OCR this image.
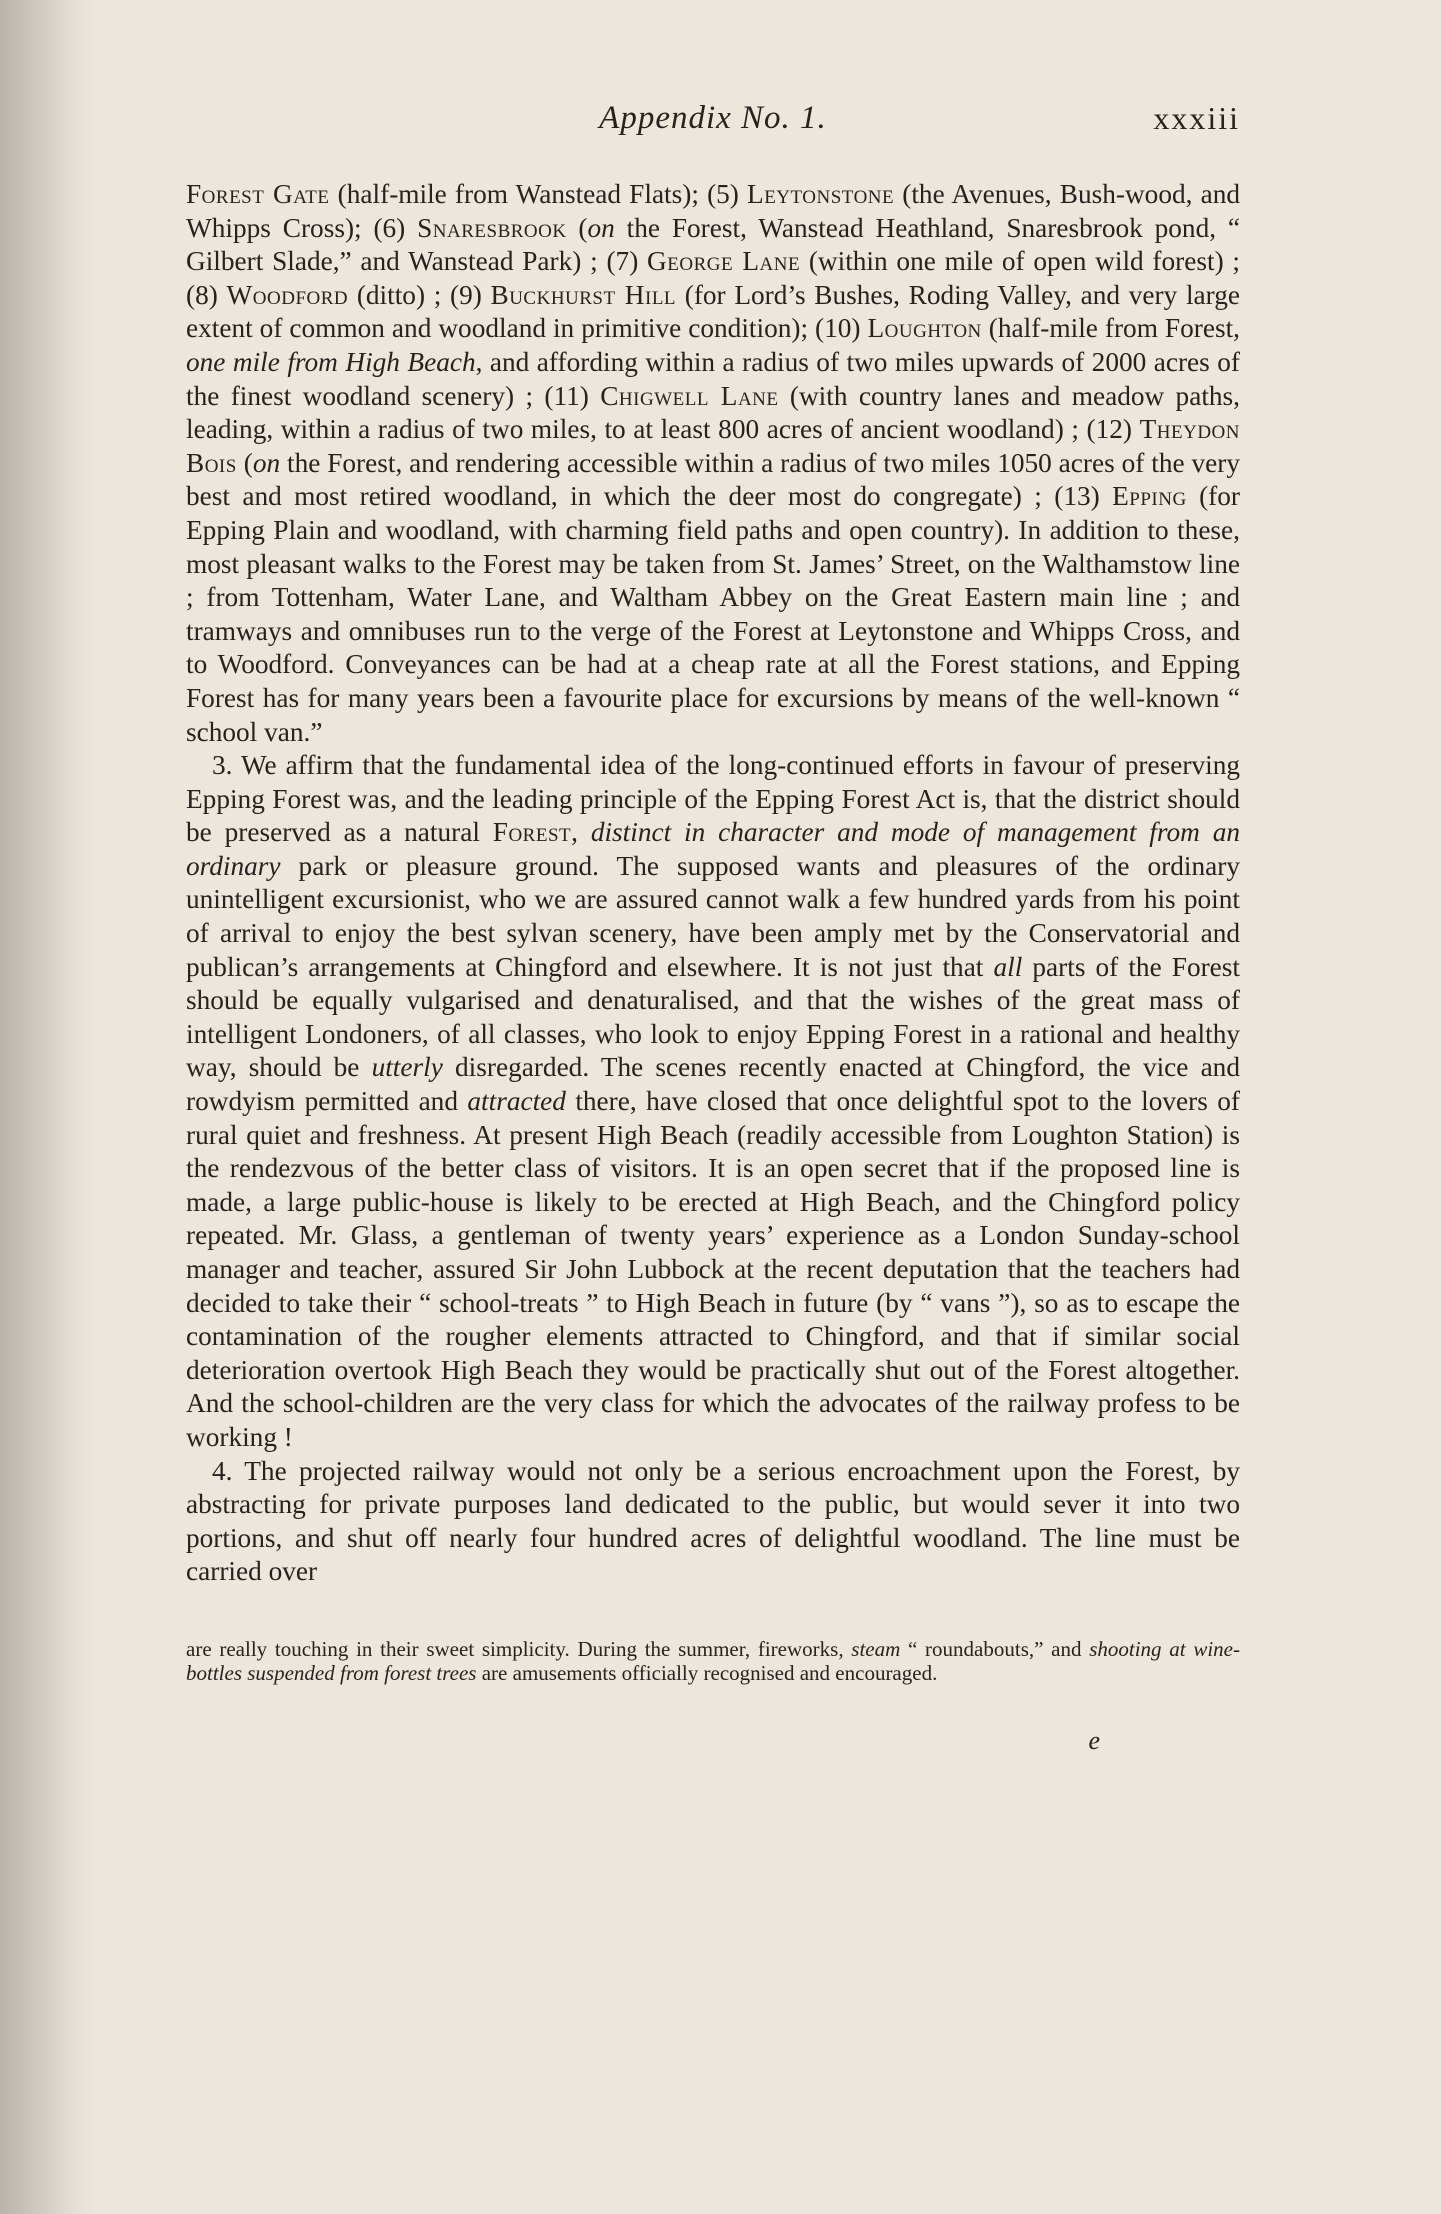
Appendix No. 1.	xxxiii

Forest Gate (half-mile from Wanstead Flats); (5) Leytonstone (the Avenues, Bush-wood, and Whipps Cross); (6) Snaresbrook (on the Forest, Wanstead Heathland, Snaresbrook pond, “ Gilbert Slade,” and Wanstead Park) ; (7) George Lane (within one mile of open wild forest) ; (8) Woodford (ditto) ; (9) Buckhurst Hill (for Lord’s Bushes, Roding Valley, and very large extent of common and woodland in primitive condition); (10) Loughton (half-mile from Forest, one mile from High Beach, and affording within a radius of two miles upwards of 2000 acres of the finest woodland scenery) ; (11) Chigwell Lane (with country lanes and meadow paths, leading, within a radius of two miles, to at least 800 acres of ancient woodland) ; (12) Theydon Bois (on the Forest, and rendering accessible within a radius of two miles 1050 acres of the very best and most retired woodland, in which the deer most do congregate) ; (13) Epping (for Epping Plain and woodland, with charming field paths and open country). In addition to these, most pleasant walks to the Forest may be taken from St. James’ Street, on the Walthamstow line ; from Tottenham, Water Lane, and Waltham Abbey on the Great Eastern main line ; and tramways and omnibuses run to the verge of the Forest at Leytonstone and Whipps Cross, and to Woodford. Conveyances can be had at a cheap rate at all the Forest stations, and Epping Forest has for many years been a favourite place for excursions by means of the well-known “ school van.”

3. We affirm that the fundamental idea of the long-continued efforts in favour of preserving Epping Forest was, and the leading principle of the Epping Forest Act is, that the district should be preserved as a natural Forest, distinct in character and mode of management from an ordinary park or pleasure ground. The supposed wants and pleasures of the ordinary unintelligent excursionist, who we are assured cannot walk a few hundred yards from his point of arrival to enjoy the best sylvan scenery, have been amply met by the Conservatorial and publican’s arrangements at Chingford and elsewhere. It is not just that all parts of the Forest should be equally vulgarised and denaturalised, and that the wishes of the great mass of intelligent Londoners, of all classes, who look to enjoy Epping Forest in a rational and healthy way, should be utterly disregarded. The scenes recently enacted at Chingford, the vice and rowdyism permitted and attracted there, have closed that once delightful spot to the lovers of rural quiet and freshness. At present High Beach (readily accessible from Loughton Station) is the rendezvous of the better class of visitors. It is an open secret that if the proposed line is made, a large public-house is likely to be erected at High Beach, and the Chingford policy repeated. Mr. Glass, a gentleman of twenty years’ experience as a London Sunday-school manager and teacher, assured Sir John Lubbock at the recent deputation that the teachers had decided to take their “ school-treats ” to High Beach in future (by “ vans ”), so as to escape the contamination of the rougher elements attracted to Chingford, and that if similar social deterioration overtook High Beach they would be practically shut out of the Forest altogether. And the school-children are the very class for which the advocates of the railway profess to be working !

4. The projected railway would not only be a serious encroachment upon the Forest, by abstracting for private purposes land dedicated to the public, but would sever it into two portions, and shut off nearly four hundred acres of delightful woodland. The line must be carried over

are really touching in their sweet simplicity. During the summer, fireworks, steam “ roundabouts,” and shooting at wine-bottles suspended from forest trees are amusements officially recognised and encouraged.

e
